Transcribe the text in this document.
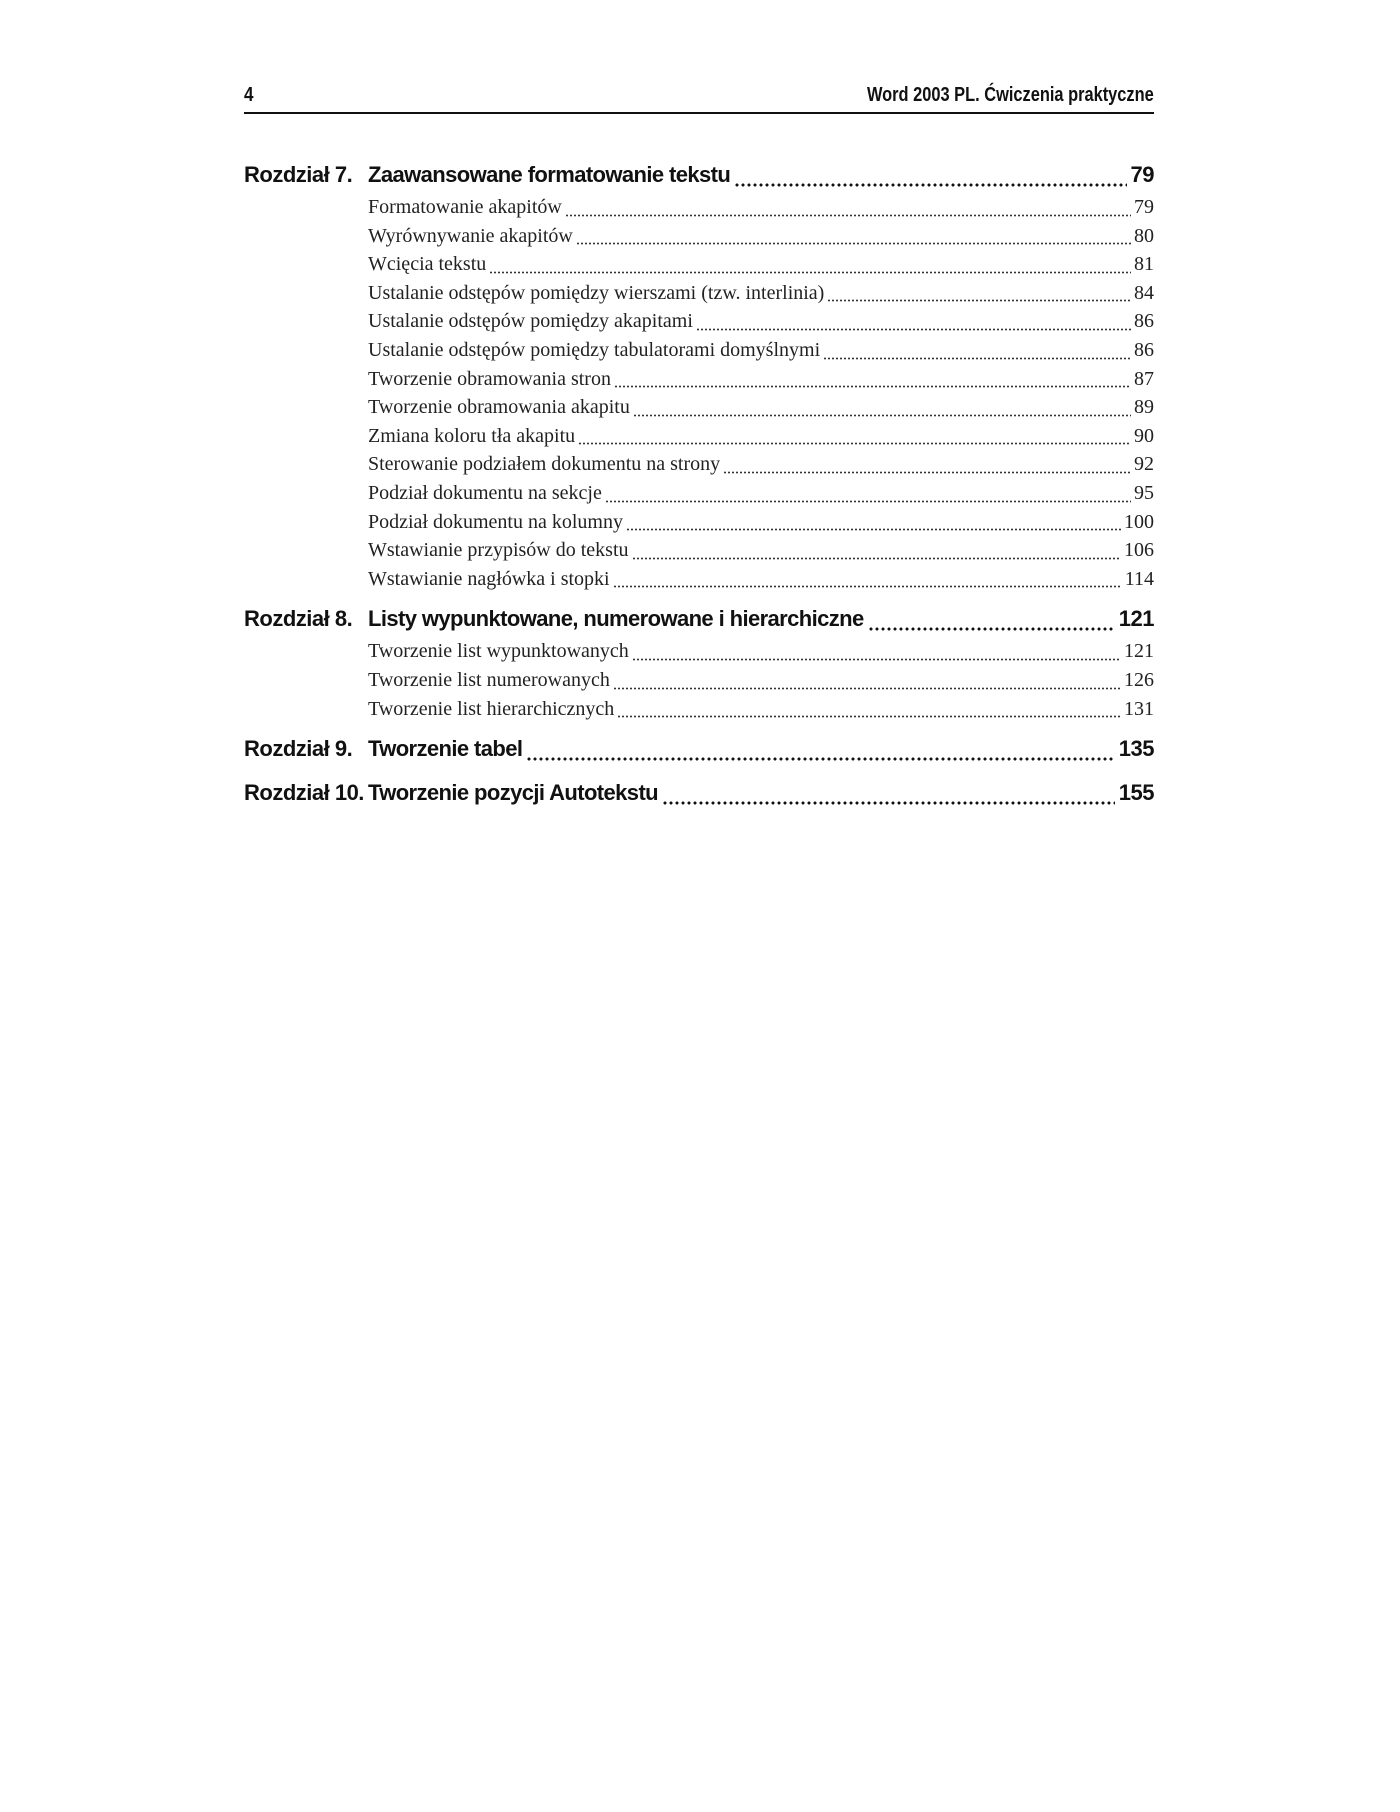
4	Word 2003 PL. Ćwiczenia praktyczne
Rozdział 7. Zaawansowane formatowanie tekstu	79
Formatowanie akapitów	79
Wyrównywanie akapitów	80
Wcięcia tekstu	81
Ustalanie odstępów pomiędzy wierszami (tzw. interlinia)	84
Ustalanie odstępów pomiędzy akapitami	86
Ustalanie odstępów pomiędzy tabulatorami domyślnymi	86
Tworzenie obramowania stron	87
Tworzenie obramowania akapitu	89
Zmiana koloru tła akapitu	90
Sterowanie podziałem dokumentu na strony	92
Podział dokumentu na sekcje	95
Podział dokumentu na kolumny	100
Wstawianie przypisów do tekstu	106
Wstawianie nagłówka i stopki	114
Rozdział 8. Listy wypunktowane, numerowane i hierarchiczne	121
Tworzenie list wypunktowanych	121
Tworzenie list numerowanych	126
Tworzenie list hierarchicznych	131
Rozdział 9. Tworzenie tabel	135
Rozdział 10. Tworzenie pozycji Autotekstu	155
